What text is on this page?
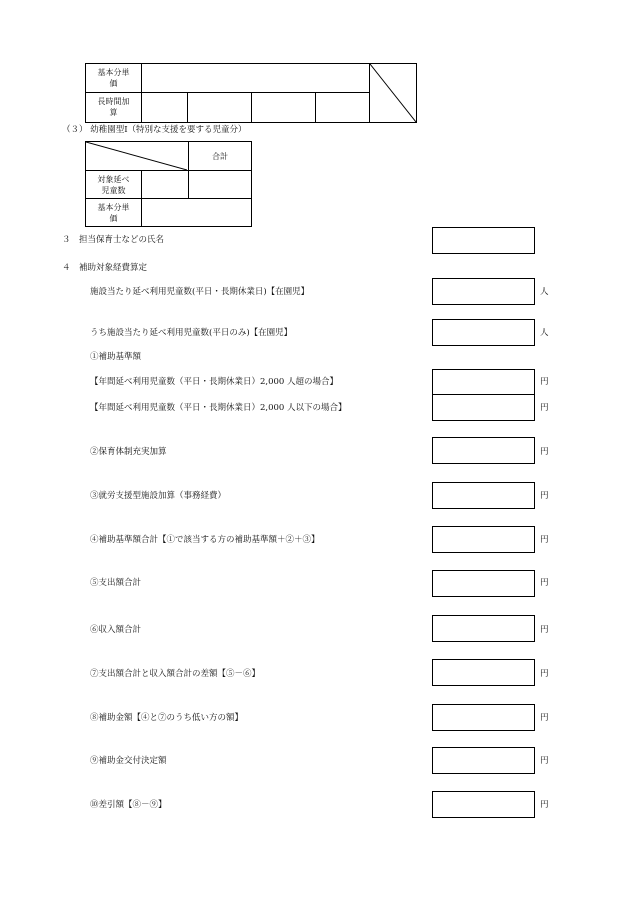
基本分単価		

長時間加算					
（３） 幼稚園型Ⅰ（特別な支援を要する児童分）
	合計
対象延べ児童数		
基本分単価		
３　担当保育士などの氏名
４　補助対象経費算定
施設当たり延べ利用児童数(平日・長期休業日)【在園児】	人
うち施設当たり延べ利用児童数(平日のみ)【在園児】	人
①補助基準額
【年間延べ利用児童数（平日・長期休業日）2,000 人超の場合】	円
【年間延べ利用児童数（平日・長期休業日）2,000 人以下の場合】	円
②保育体制充実加算	円
③就労支援型施設加算（事務経費）	円
④補助基準額合計【①で該当する方の補助基準額＋②＋③】	円
⑤支出額合計	円
⑥収入額合計	円
⑦支出額合計と収入額合計の差額【⑤－⑥】	円
⑧補助金額【④と⑦のうち低い方の額】	円
⑨補助金交付決定額	円
⑩差引額【⑧－⑨】	円
